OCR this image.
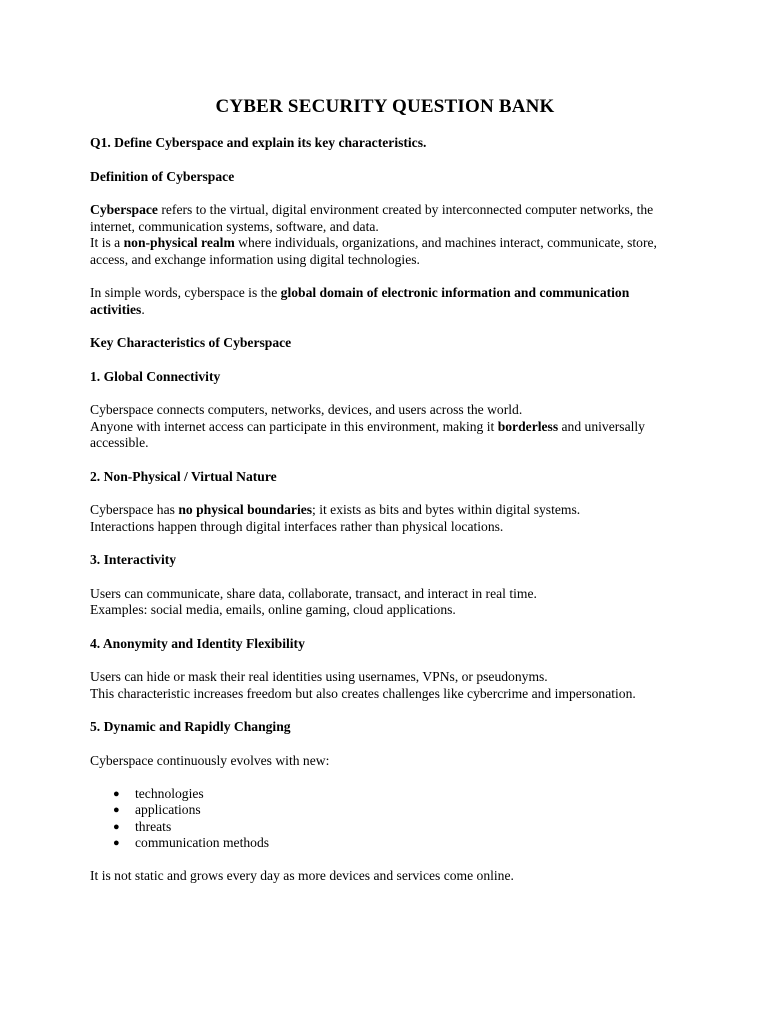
CYBER SECURITY QUESTION BANK

Q1. Define Cyberspace and explain its key characteristics.

Definition of Cyberspace

Cyberspace refers to the virtual, digital environment created by interconnected computer networks, the internet, communication systems, software, and data.
It is a non-physical realm where individuals, organizations, and machines interact, communicate, store, access, and exchange information using digital technologies.

In simple words, cyberspace is the global domain of electronic information and communication activities.

Key Characteristics of Cyberspace

1. Global Connectivity

Cyberspace connects computers, networks, devices, and users across the world.
Anyone with internet access can participate in this environment, making it borderless and universally accessible.

2. Non-Physical / Virtual Nature

Cyberspace has no physical boundaries; it exists as bits and bytes within digital systems.
Interactions happen through digital interfaces rather than physical locations.

3. Interactivity

Users can communicate, share data, collaborate, transact, and interact in real time.
Examples: social media, emails, online gaming, cloud applications.

4. Anonymity and Identity Flexibility

Users can hide or mask their real identities using usernames, VPNs, or pseudonyms.
This characteristic increases freedom but also creates challenges like cybercrime and impersonation.

5. Dynamic and Rapidly Changing

Cyberspace continuously evolves with new:

● technologies
● applications
● threats
● communication methods

It is not static and grows every day as more devices and services come online.
